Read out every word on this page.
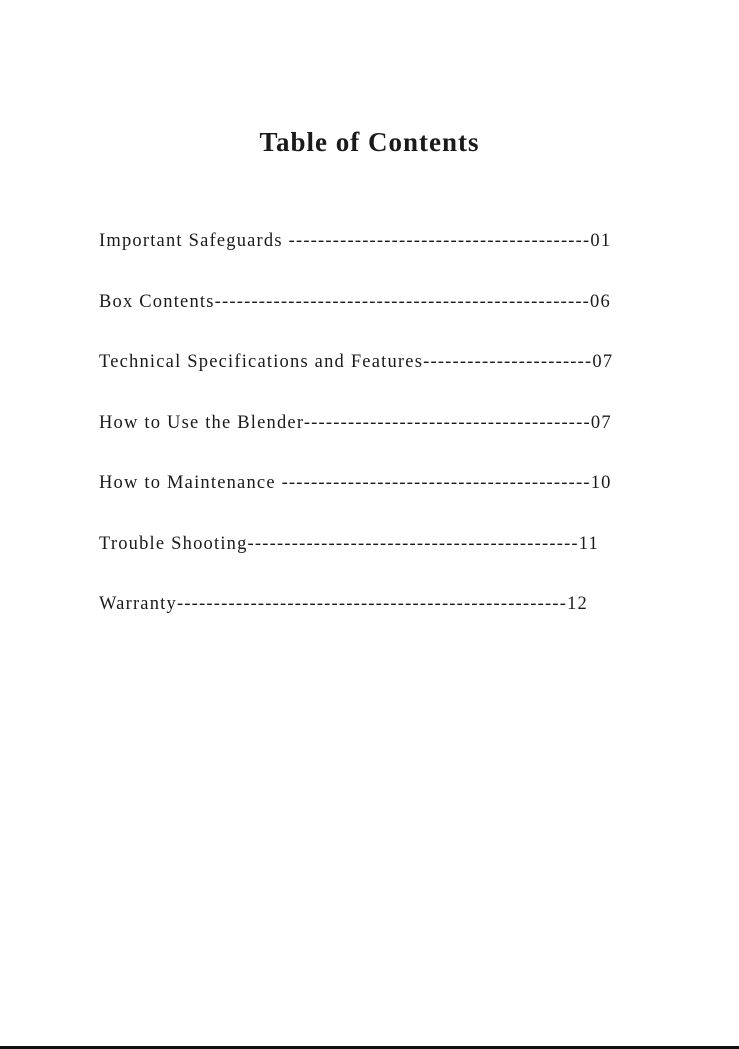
Table of Contents
Important Safeguards -----------------------------------------01
Box Contents---------------------------------------------------06
Technical Specifications and Features-----------------------07
How to Use the Blender---------------------------------------07
How to Maintenance ------------------------------------------10
Trouble Shooting---------------------------------------------11
Warranty-----------------------------------------------------12
